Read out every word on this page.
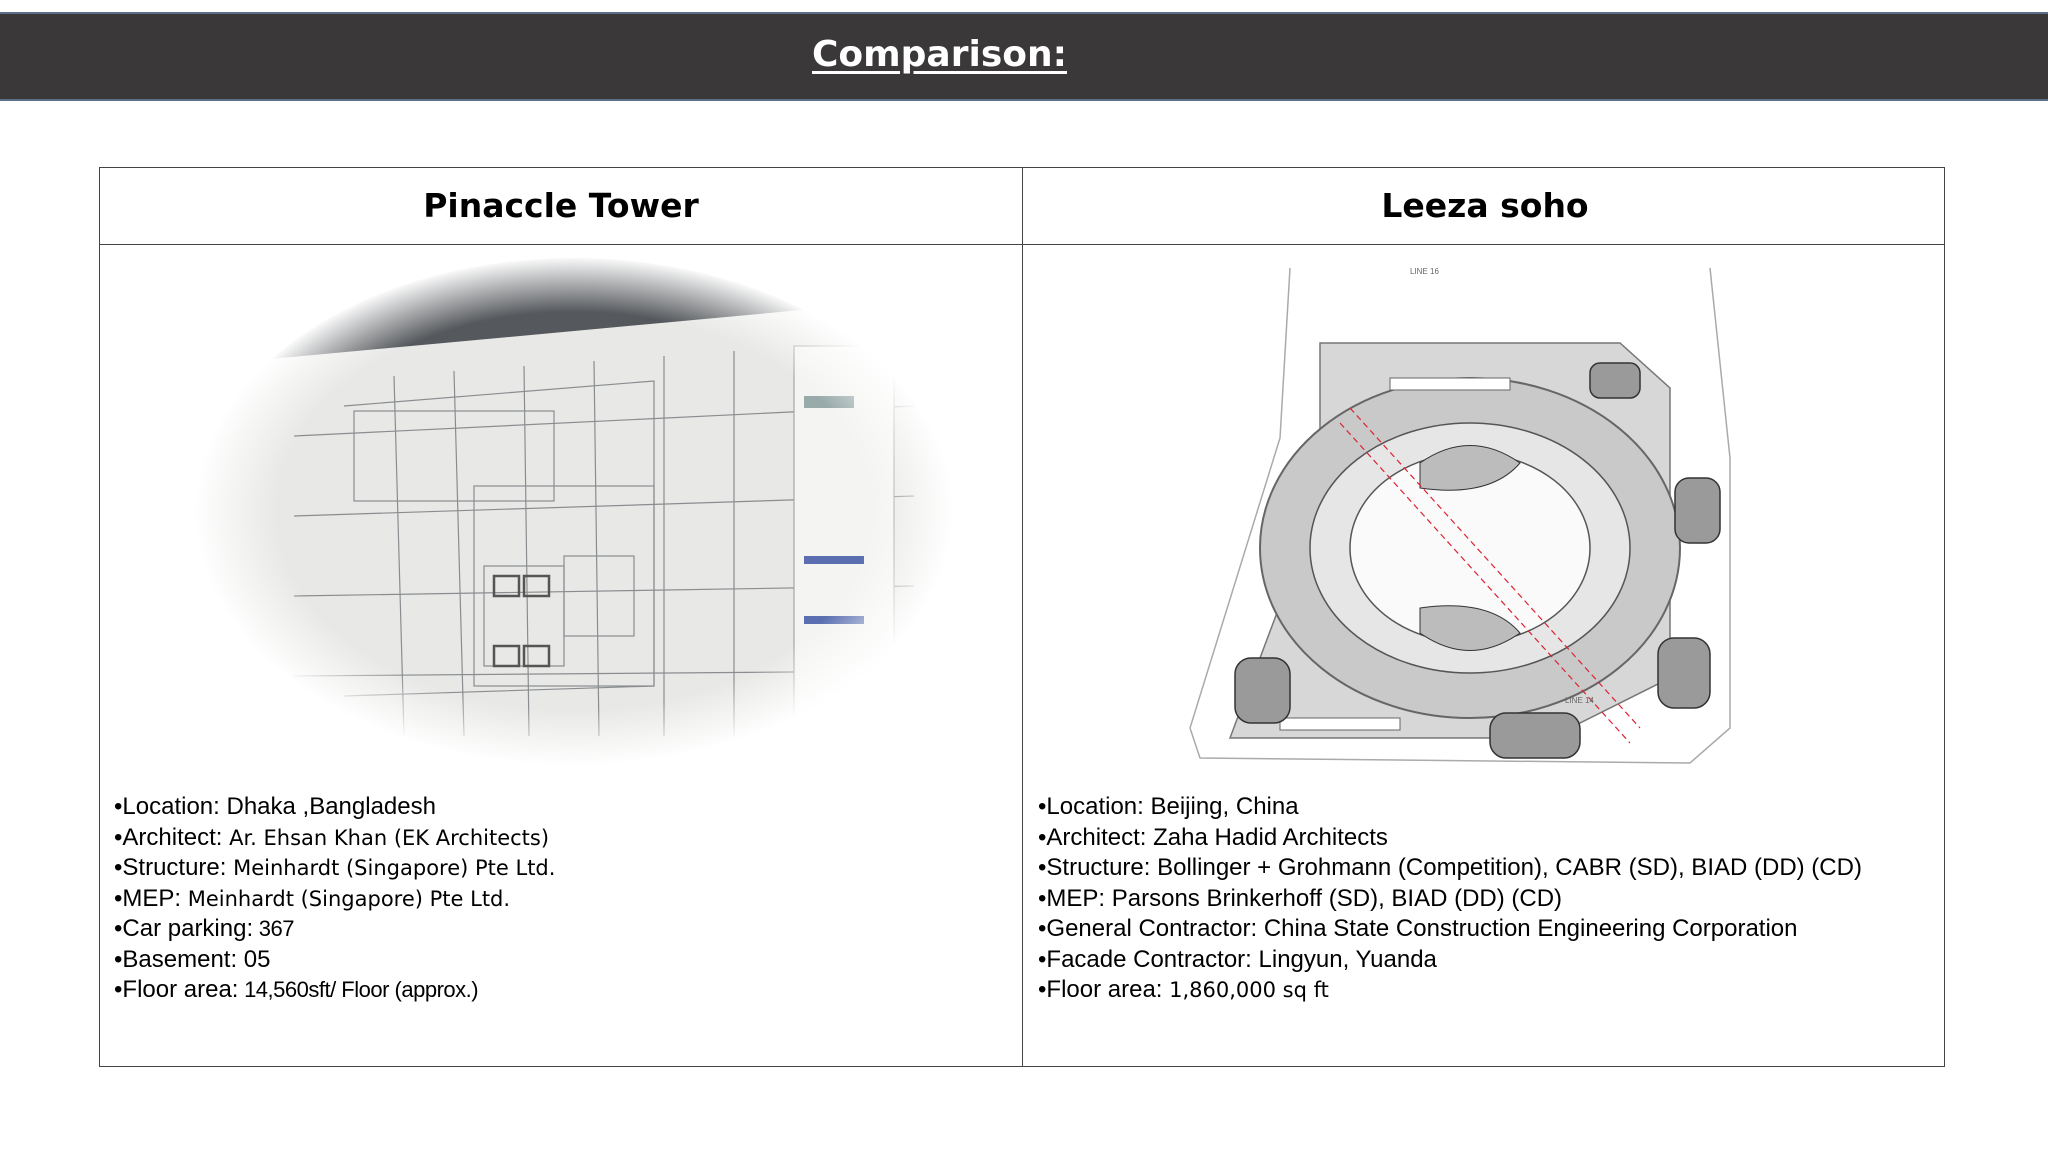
Comparison:
Pinaccle Tower	Leeza soho
LINE 14
LINE 16
•Location: Dhaka ,Bangladesh
•Architect: Ar. Ehsan Khan (EK Architects)
•Structure: Meinhardt (Singapore) Pte Ltd.
•MEP: Meinhardt (Singapore) Pte Ltd.
•Car parking: 367
•Basement: 05
•Floor area: 14,560sft/ Floor (approx.)
•Location: Beijing, China
•Architect: Zaha Hadid Architects
•Structure: Bollinger + Grohmann (Competition), CABR (SD), BIAD (DD) (CD)
•MEP: Parsons Brinkerhoff (SD), BIAD (DD) (CD)
•General Contractor: China State Construction Engineering Corporation
•Facade Contractor: Lingyun, Yuanda
•Floor area: 1,860,000 sq ft
